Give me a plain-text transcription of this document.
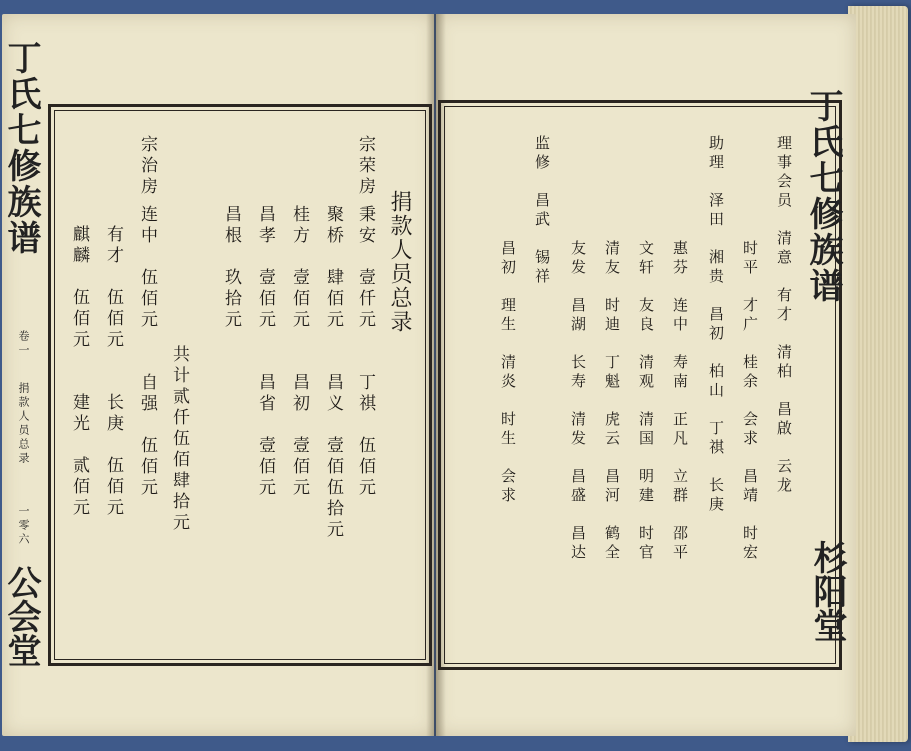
丁氏七修族谱
卷一
捐款人员总录
一零六
公会堂
捐款人员总录
宗荣房
秉安　壹仟元　　丁祺　伍佰元
聚桥　肆佰元　　昌义　壹佰伍拾元
桂方　壹佰元　　昌初　壹佰元
昌孝　壹佰元　　昌省　壹佰元
昌根　玖拾元
共计贰仟伍佰肆拾元
宗治房
连中　伍佰元　　自强　伍佰元
有才　伍佰元　　长庚　伍佰元
麒麟　伍佰元　　建光　贰佰元	理事会员　清意　有才　清柏　昌啟　云龙
时平　才广　桂余　会求　昌靖　时宏
助理　泽田　湘贵　昌初　柏山　丁祺　长庚
惠芬　连中　寿南　正凡　立群　邵平
文轩　友良　清观　清国　明建　时官
清友　时迪　丁魁　虎云　昌河　鹤全
友发　昌湖　长寿　清发　昌盛　昌达
监修　昌武　锡祥
昌初　理生　清炎　时生　会求
丁氏七修族谱
杉阳堂
